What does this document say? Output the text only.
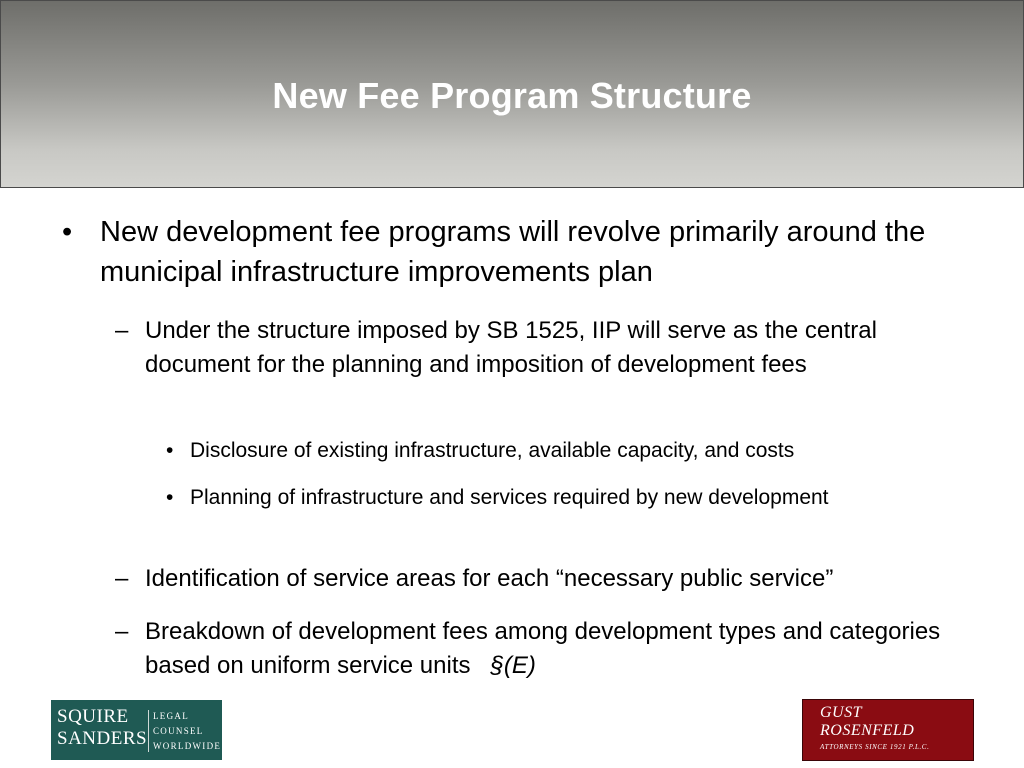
New Fee Program Structure
• New development fee programs will revolve primarily around the municipal infrastructure improvements plan
– Under the structure imposed by SB 1525, IIP will serve as the central document for the planning and imposition of development fees
• Disclosure of existing infrastructure, available capacity, and costs
• Planning of infrastructure and services required by new development
– Identification of service areas for each “necessary public service”
– Breakdown of development fees among development types and categories based on uniform service units §(E)
SQUIRE
SANDERS
LEGAL
COUNSEL
WORLDWIDE
GUST
ROSENFELD
ATTORNEYS SINCE 1921 P.L.C.
